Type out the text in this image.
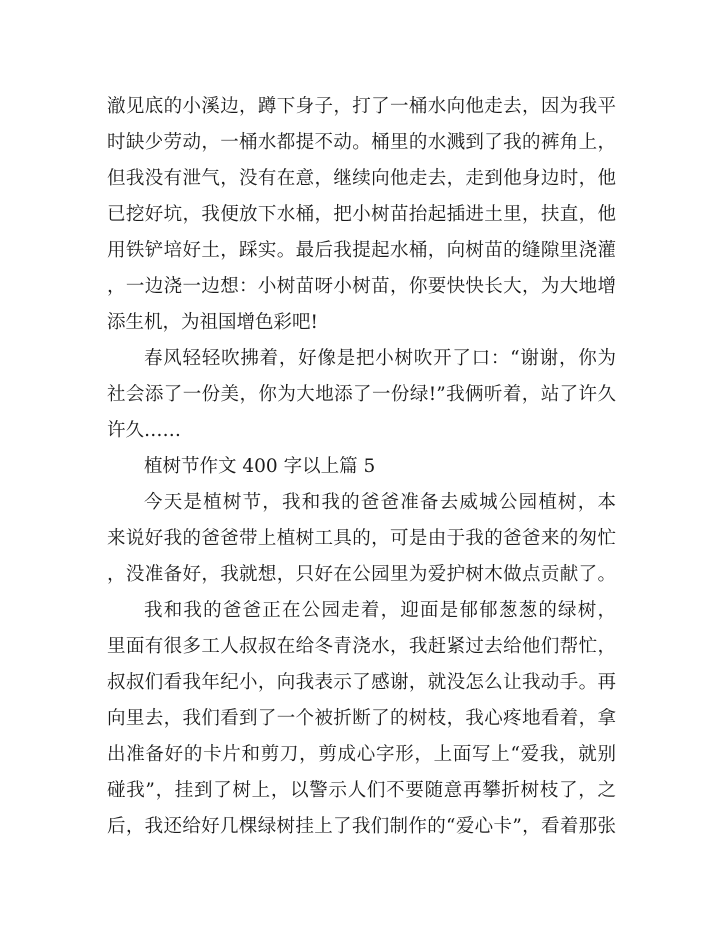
澈见底的小溪边，蹲下身子，打了一桶水向他走去，因为我平
时缺少劳动，一桶水都提不动。桶里的水溅到了我的裤角上，
但我没有泄气，没有在意，继续向他走去，走到他身边时，他
已挖好坑，我便放下水桶，把小树苗抬起插进土里，扶直，他
用铁铲培好土，踩实。最后我提起水桶，向树苗的缝隙里浇灌
，一边浇一边想：小树苗呀小树苗，你要快快长大，为大地增
添生机，为祖国增色彩吧!
春风轻轻吹拂着，好像是把小树吹开了口：“谢谢，你为
社会添了一份美，你为大地添了一份绿!”我俩听着，站了许久
许久……
植树节作文 400 字以上篇 5
今天是植树节，我和我的爸爸准备去威城公园植树，本
来说好我的爸爸带上植树工具的，可是由于我的爸爸来的匆忙
，没准备好，我就想，只好在公园里为爱护树木做点贡献了。
我和我的爸爸正在公园走着，迎面是郁郁葱葱的绿树，
里面有很多工人叔叔在给冬青浇水，我赶紧过去给他们帮忙，
叔叔们看我年纪小，向我表示了感谢，就没怎么让我动手。再
向里去，我们看到了一个被折断了的树枝，我心疼地看着，拿
出准备好的卡片和剪刀，剪成心字形，上面写上“爱我，就别
碰我”，挂到了树上，以警示人们不要随意再攀折树枝了，之
后，我还给好几棵绿树挂上了我们制作的“爱心卡”，看着那张
